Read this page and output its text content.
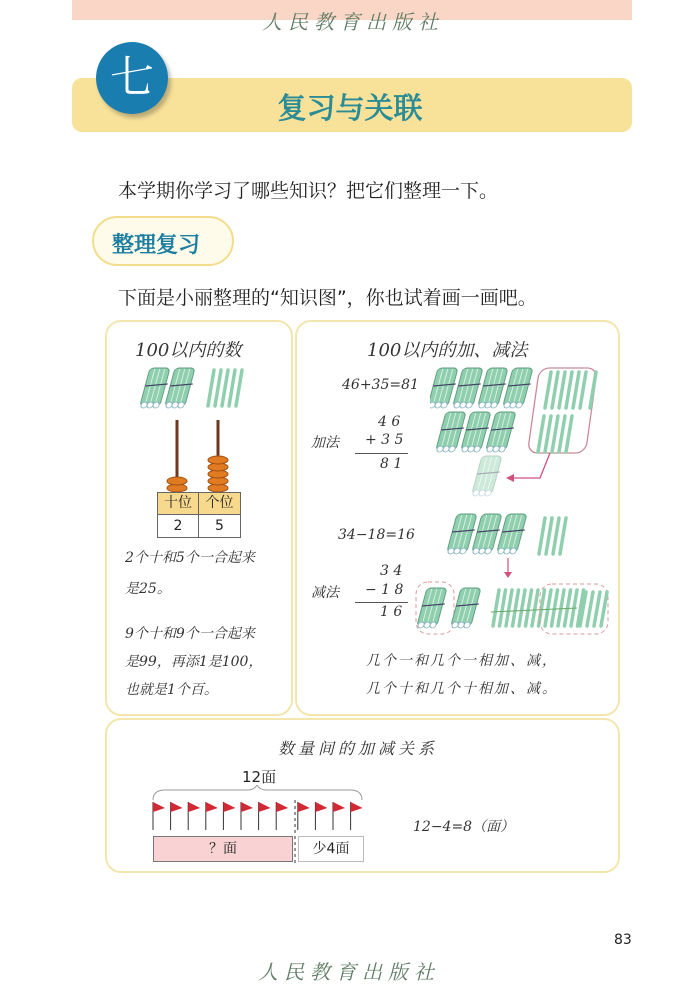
人民教育出版社
七
复习与关联
本学期你学习了哪些知识？把它们整理一下。
整理复习
下面是小丽整理的“知识图”，你也试着画一画吧。
100以内的数
十位 个位
2	5
2个十和5个一合起来
是25。
9个十和9个一合起来
是99，再添1是100，
也就是1个百。
100以内的加、减法
46+35=81
加法
4 6
+ 3 5
8 1
34−18=16
减法
3 4
− 1 8
1 6
几个一和几个一相加、减，
几个十和几个十相加、减。
数量间的加减关系
12面
？面	少4面
12−4=8（面）
83
人民教育出版社
